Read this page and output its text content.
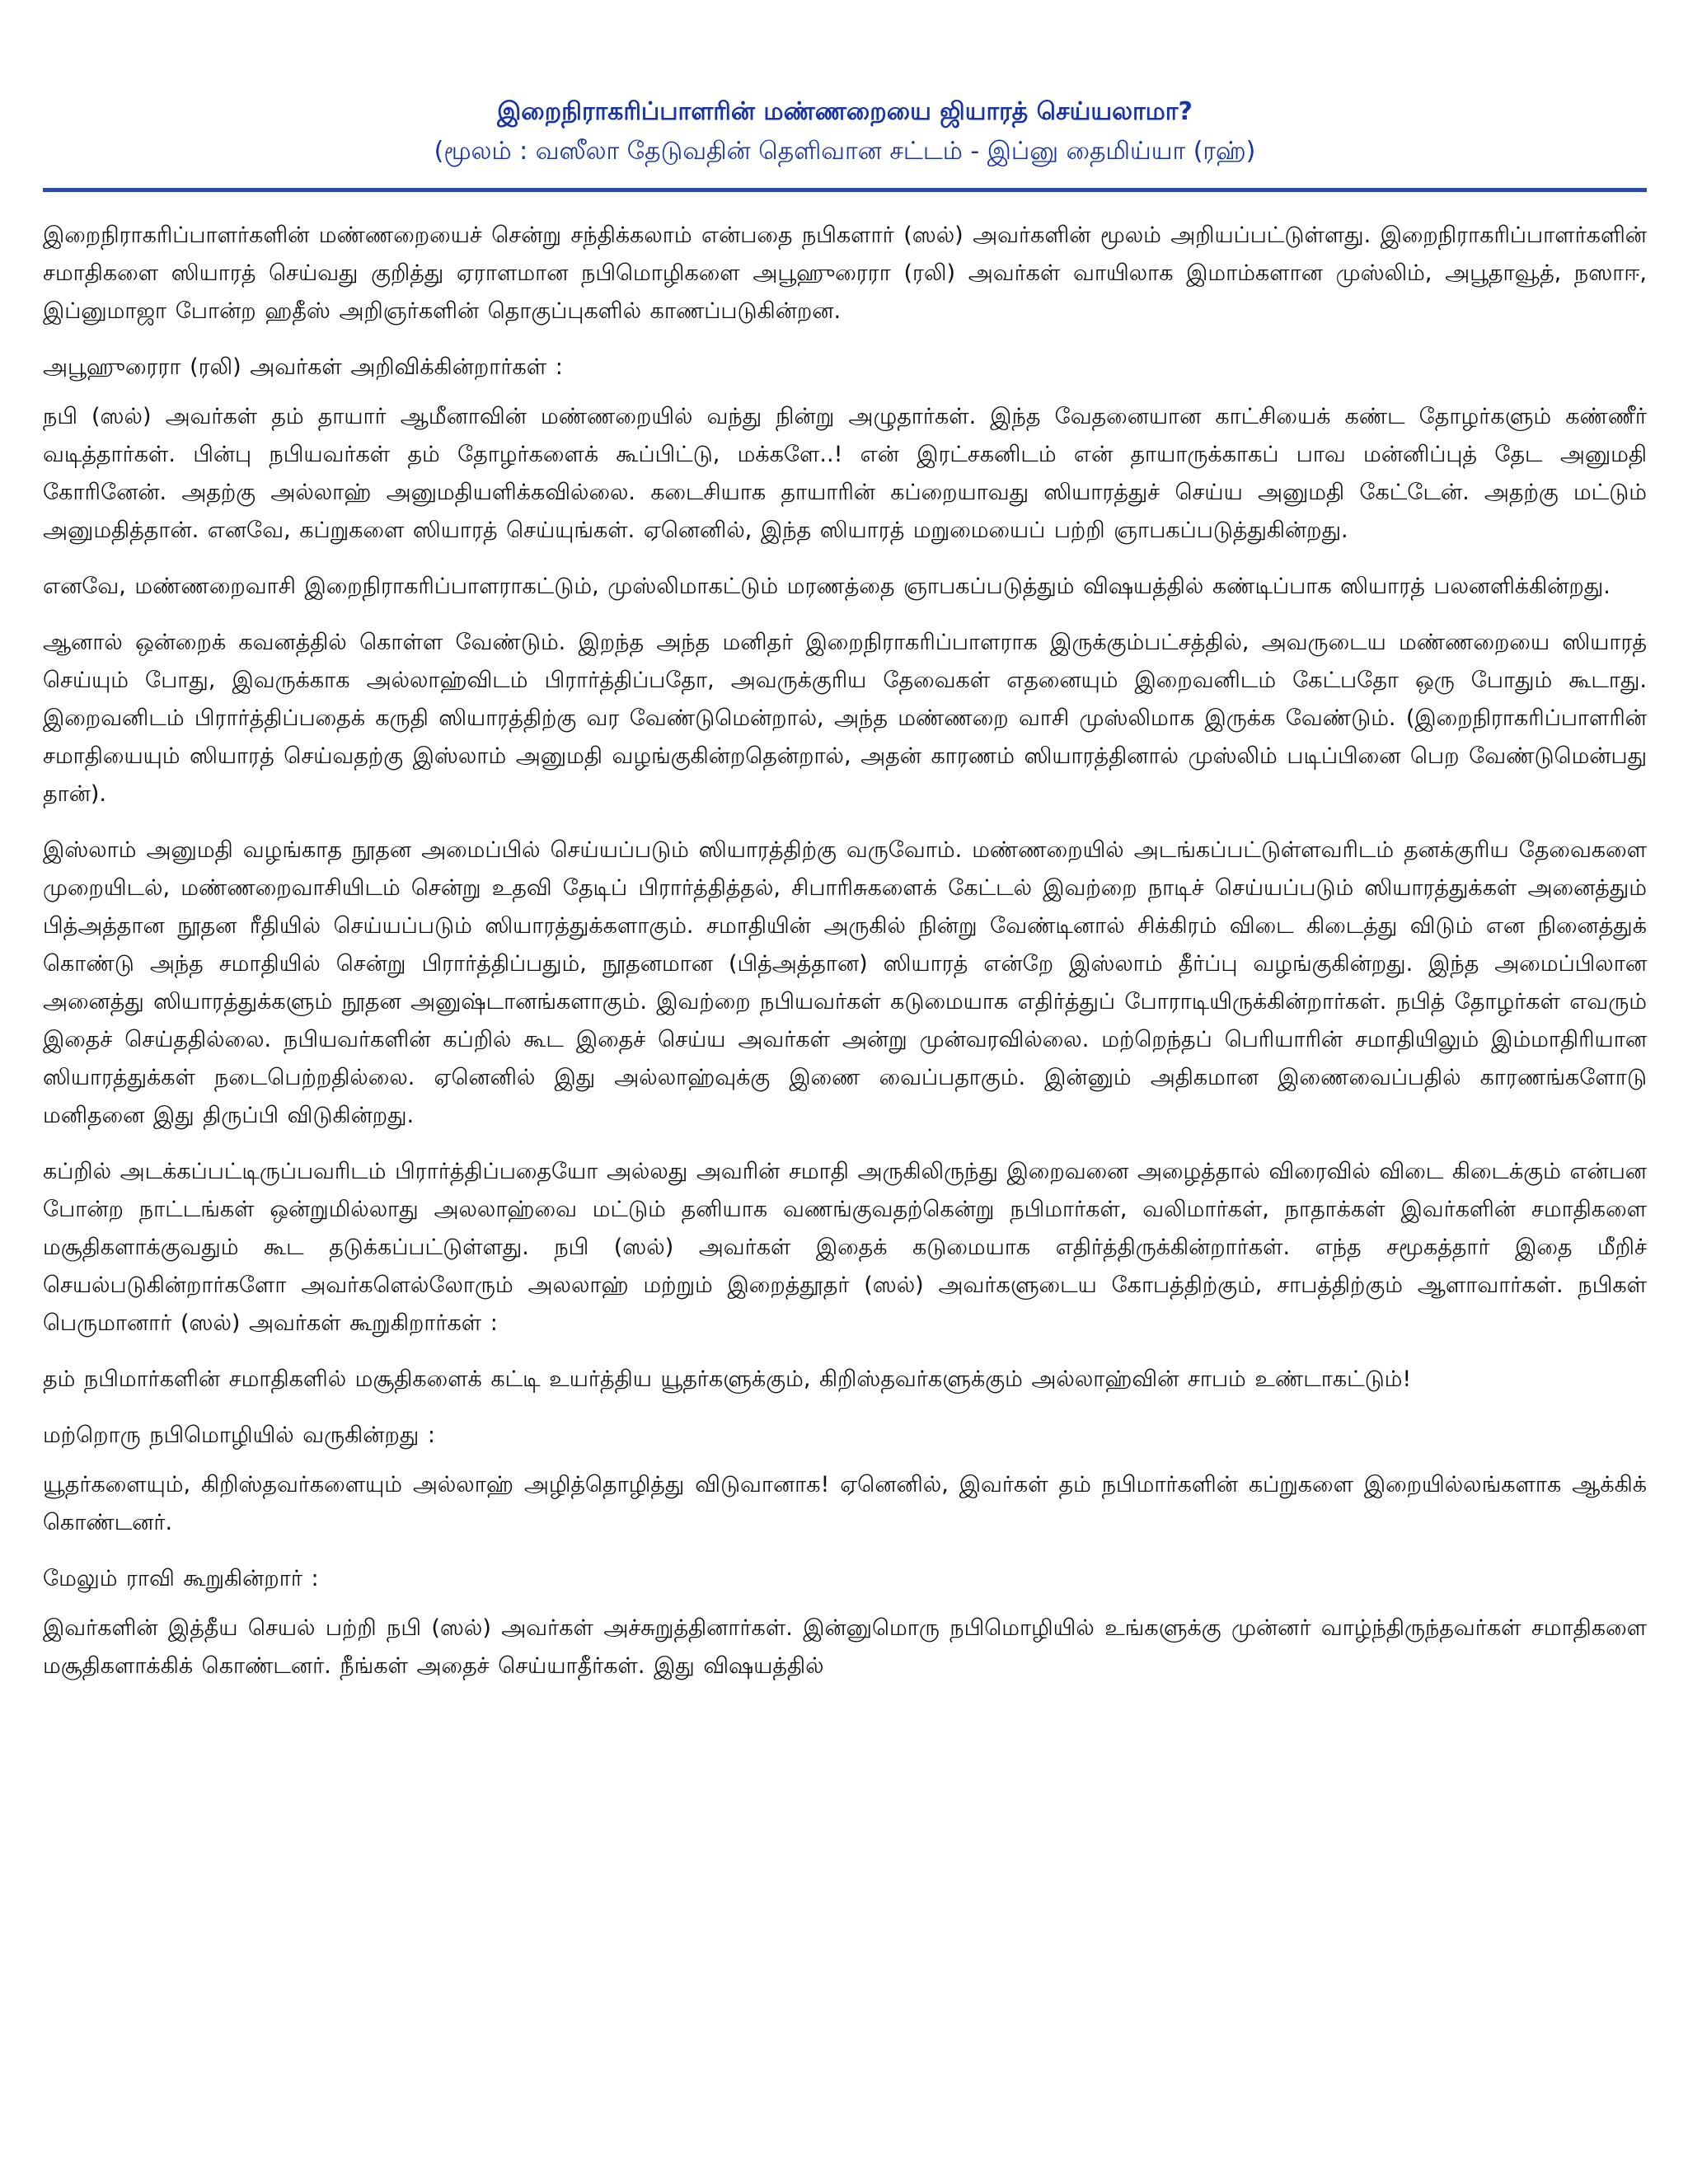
இறைநிராகரிப்பாளரின் மண்ணறையை ஜியாரத் செய்யலாமா?

(மூலம் : வஸீலா தேடுவதின் தெளிவான சட்டம் - இப்னு தைமிய்யா (ரஹ்)

இறைநிராகரிப்பாளர்களின் மண்ணறையைச் சென்று சந்திக்கலாம் என்பதை நபிகளார் (ஸல்) அவர்களின் மூலம் அறியப்பட்டுள்ளது. இறைநிராகரிப்பாளர்களின் சமாதிகளை ஸியாரத் செய்வது குறித்து ஏராளமான நபிமொழிகளை அபூஹுரைரா (ரலி) அவர்கள் வாயிலாக இமாம்களான முஸ்லிம், அபூதாவூத், நஸாஈ, இப்னுமாஜா போன்ற ஹதீஸ் அறிஞர்களின் தொகுப்புகளில் காணப்படுகின்றன.

அபூஹுரைரா (ரலி) அவர்கள் அறிவிக்கின்றார்கள் :

நபி (ஸல்) அவர்கள் தம் தாயார் ஆமீனாவின் மண்ணறையில் வந்து நின்று அழுதார்கள். இந்த வேதனையான காட்சியைக் கண்ட தோழர்களும் கண்ணீர் வடித்தார்கள். பின்பு நபியவர்கள் தம் தோழர்களைக் கூப்பிட்டு, மக்களே..! என் இரட்சகனிடம் என் தாயாருக்காகப் பாவ மன்னிப்புத் தேட அனுமதி கோரினேன். அதற்கு அல்லாஹ் அனுமதியளிக்கவில்லை. கடைசியாக தாயாரின் கப்றையாவது ஸியாரத்துச் செய்ய அனுமதி கேட்டேன். அதற்கு மட்டும் அனுமதித்தான். எனவே, கப்றுகளை ஸியாரத் செய்யுங்கள். ஏனெனில், இந்த ஸியாரத் மறுமையைப் பற்றி ஞாபகப்படுத்துகின்றது.

எனவே, மண்ணறைவாசி இறைநிராகரிப்பாளராகட்டும், முஸ்லிமாகட்டும் மரணத்தை ஞாபகப்படுத்தும் விஷயத்தில் கண்டிப்பாக ஸியாரத் பலனளிக்கின்றது.

ஆனால் ஒன்றைக் கவனத்தில் கொள்ள வேண்டும். இறந்த அந்த மனிதர் இறைநிராகரிப்பாளராக இருக்கும்பட்சத்தில், அவருடைய மண்ணறையை ஸியாரத் செய்யும் போது, இவருக்காக அல்லாஹ்விடம் பிரார்த்திப்பதோ, அவருக்குரிய தேவைகள் எதனையும் இறைவனிடம் கேட்பதோ ஒரு போதும் கூடாது. இறைவனிடம் பிரார்த்திப்பதைக் கருதி ஸியாரத்திற்கு வர வேண்டுமென்றால், அந்த மண்ணறை வாசி முஸ்லிமாக இருக்க வேண்டும். (இறைநிராகரிப்பாளரின் சமாதியையும் ஸியாரத் செய்வதற்கு இஸ்லாம் அனுமதி வழங்குகின்றதென்றால், அதன் காரணம் ஸியாரத்தினால் முஸ்லிம் படிப்பினை பெற வேண்டுமென்பது தான்).

இஸ்லாம் அனுமதி வழங்காத நூதன அமைப்பில் செய்யப்படும் ஸியாரத்திற்கு வருவோம். மண்ணறையில் அடங்கப்பட்டுள்ளவரிடம் தனக்குரிய தேவைகளை முறையிடல், மண்ணறைவாசியிடம் சென்று உதவி தேடிப் பிரார்த்தித்தல், சிபாரிசுகளைக் கேட்டல் இவற்றை நாடிச் செய்யப்படும் ஸியாரத்துக்கள் அனைத்தும் பித்அத்தான நூதன ரீதியில் செய்யப்படும் ஸியாரத்துக்களாகும். சமாதியின் அருகில் நின்று வேண்டினால் சிக்கிரம் விடை கிடைத்து விடும் என நினைத்துக் கொண்டு அந்த சமாதியில் சென்று பிரார்த்திப்பதும், நூதனமான (பித்அத்தான) ஸியாரத் என்றே இஸ்லாம் தீர்ப்பு வழங்குகின்றது. இந்த அமைப்பிலான அனைத்து ஸியாரத்துக்களும் நூதன அனுஷ்டானங்களாகும். இவற்றை நபியவர்கள் கடுமையாக எதிர்த்துப் போராடியிருக்கின்றார்கள். நபித் தோழர்கள் எவரும் இதைச் செய்ததில்லை. நபியவர்களின் கப்றில் கூட இதைச் செய்ய அவர்கள் அன்று முன்வரவில்லை. மற்றெந்தப் பெரியாரின் சமாதியிலும் இம்மாதிரியான ஸியாரத்துக்கள் நடைபெற்றதில்லை. ஏனெனில் இது அல்லாஹ்வுக்கு இணை வைப்பதாகும். இன்னும் அதிகமான இணைவைப்பதில் காரணங்களோடு மனிதனை இது திருப்பி விடுகின்றது.

கப்றில் அடக்கப்பட்டிருப்பவரிடம் பிரார்த்திப்பதையோ அல்லது அவரின் சமாதி அருகிலிருந்து இறைவனை அழைத்தால் விரைவில் விடை கிடைக்கும் என்பன போன்ற நாட்டங்கள் ஒன்றுமில்லாது அலலாஹ்வை மட்டும் தனியாக வணங்குவதற்கென்று நபிமார்கள், வலிமார்கள், நாதாக்கள் இவர்களின் சமாதிகளை மசூதிகளாக்குவதும் கூட தடுக்கப்பட்டுள்ளது. நபி (ஸல்) அவர்கள் இதைக் கடுமையாக எதிர்த்திருக்கின்றார்கள். எந்த சமூகத்தார் இதை மீறிச் செயல்படுகின்றார்களோ அவர்களெல்லோரும் அலலாஹ் மற்றும் இறைத்தூதர் (ஸல்) அவர்களுடைய கோபத்திற்கும், சாபத்திற்கும் ஆளாவார்கள். நபிகள் பெருமானார் (ஸல்) அவர்கள் கூறுகிறார்கள் :

தம் நபிமார்களின் சமாதிகளில் மசூதிகளைக் கட்டி உயர்த்திய யூதர்களுக்கும், கிறிஸ்தவர்களுக்கும் அல்லாஹ்வின் சாபம் உண்டாகட்டும்!

மற்றொரு நபிமொழியில் வருகின்றது :

யூதர்களையும், கிறிஸ்தவர்களையும் அல்லாஹ் அழித்தொழித்து விடுவானாக! ஏனெனில், இவர்கள் தம் நபிமார்களின் கப்றுகளை இறையில்லங்களாக ஆக்கிக் கொண்டனர்.

மேலும் ராவி கூறுகின்றார் :

இவர்களின் இத்தீய செயல் பற்றி நபி (ஸல்) அவர்கள் அச்சுறுத்தினார்கள். இன்னுமொரு நபிமொழியில் உங்களுக்கு முன்னர் வாழ்ந்திருந்தவர்கள் சமாதிகளை மசூதிகளாக்கிக் கொண்டனர். நீங்கள் அதைச் செய்யாதீர்கள். இது விஷயத்தில்
